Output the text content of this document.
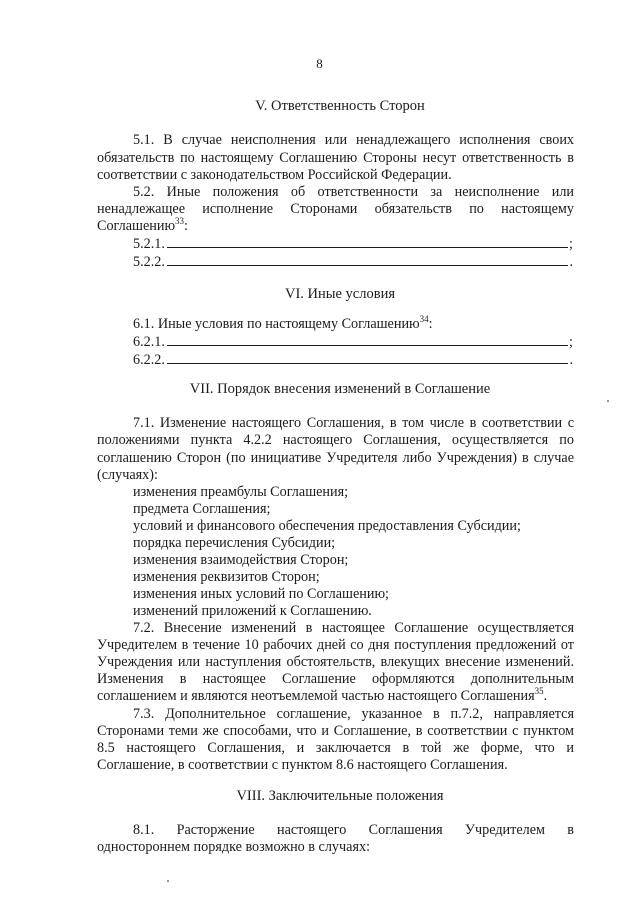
8
V. Ответственность Сторон
5.1. В случае неисполнения или ненадлежащего исполнения своих
обязательств по настоящему Соглашению Стороны несут ответственность в
соответствии с законодательством Российской Федерации.
5.2. Иные положения об ответственности за неисполнение или
ненадлежащее исполнение Сторонами обязательств по настоящему
Соглашению$^{33}$:
5.2.1.	;
5.2.2.	.
VI. Иные условия
6.1. Иные условия по настоящему Соглашению$^{34}$:
6.2.1.	;
6.2.2.	.
VII. Порядок внесения изменений в Соглашение
7.1. Изменение настоящего Соглашения, в том числе в соответствии с
положениями пункта 4.2.2 настоящего Соглашения, осуществляется по
соглашению Сторон (по инициативе Учредителя либо Учреждения) в случае
(случаях):
изменения преамбулы Соглашения;
предмета Соглашения;
условий и финансового обеспечения предоставления Субсидии;
порядка перечисления Субсидии;
изменения взаимодействия Сторон;
изменения реквизитов Сторон;
изменения иных условий по Соглашению;
изменений приложений к Соглашению.
7.2. Внесение изменений в настоящее Соглашение осуществляется
Учредителем в течение 10 рабочих дней со дня поступления предложений от
Учреждения или наступления обстоятельств, влекущих внесение изменений.
Изменения в настоящее Соглашение оформляются дополнительным
соглашением и являются неотъемлемой частью настоящего Соглашения$^{35}$.
7.3. Дополнительное соглашение, указанное в п.7.2, направляется
Сторонами теми же способами, что и Соглашение, в соответствии с пунктом
8.5 настоящего Соглашения, и заключается в той же форме, что и
Соглашение, в соответствии с пунктом 8.6 настоящего Соглашения.
VIII. Заключительные положения
8.1. Расторжение настоящего Соглашения Учредителем в
одностороннем порядке возможно в случаях:
